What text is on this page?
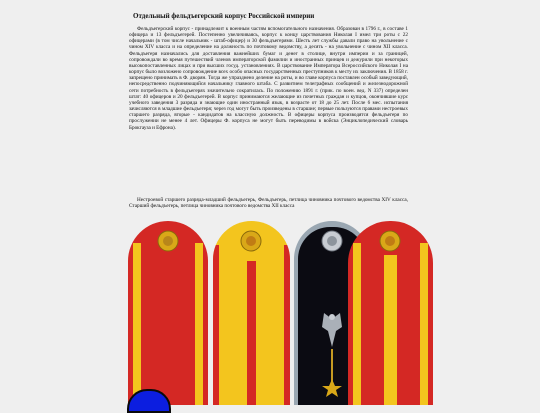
Отдельный фельдъегерский корпус Российской империи

Фельдъегерский корпус - принадлежит к военным частям вспомогательного назначения. Образован в 1796 г., в составе 1 офицера и 13 фельдъегерей. Постепенно увеличиваясь, корпус к концу царствования Николая I имел три роты с 22 офицерами (в том числе начальник - штаб-офицер) и 30 фельдъегерями. Шесть лет службы давали право на увольнение с чином XIV класса и на определение на должность по почтовому ведомству, а десять - на увольнение с чином XII класса. Фельдъегеря назначались для доставления важнейших бумаг и денег в столице, внутри империи и за границей, сопровождали во время путешествий членов императорской фамилии и иностранных принцев и дежурили при некоторых высокопоставленных лицах и при высших госуд. установлениях. В царствование Императора Всероссийского Николая I на корпус было возложено сопровождение всех особо опасных государственных преступников к месту их заключения. В 1858 г. запрещено принимать в Ф. дворян. Тогда же упразднено деление на роты, и во главе корпуса поставлен особый заведующий, непосредственно подчиняющийся начальнику главного штаба. С развитием телеграфных сообщений и железнодорожной сети потребность в фельдъегерях значительно сократилась. По положению 1891 г. (прик. по воен. вед. N 337) определен штат: 40 офицеров и 20 фельдъегерей. В корпус принимаются желающие из почетных граждан и купцов, окончившие курс учебного заведения 3 разряда и знающие один иностранный язык, в возрасте от 18 до 25 лет. После 6 мес. испытания зачисляются в младшие фельдъегеря; через год могут быть произведены в старшие; первые пользуются правами нестроевых старшего разряда, вторые - кандидатов на классную должность. В офицеры корпуса производятся фельдъегеря по прослужении не менее 4 лет. Офицеры Ф. корпуса не могут быть переводимы в войска (Энциклопедический словарь Брокгауза и Ефрона).

Нестроевой старшего разряда-младший фельдъегерь, Фельдъегерь, петлица чиновника почтового ведомства XIV класса, Старший фельдъегерь, петлица чиновника почтового ведомства XII класса
